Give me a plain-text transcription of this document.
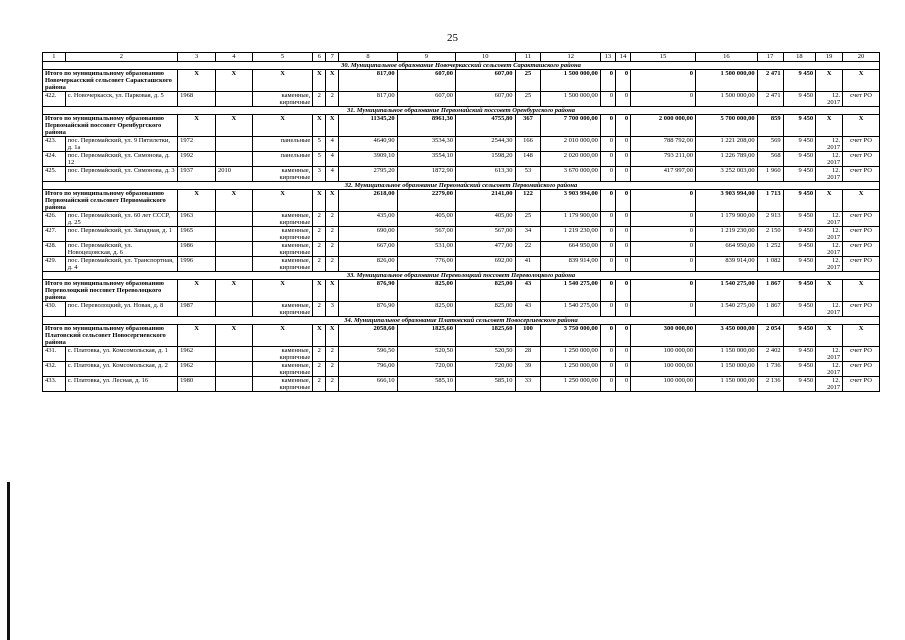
25
1	2	3	4	5	6	7	8	9	10	11	12	13	14	15	16	17	18	19	20
30. Муниципальное образование Новочеркасский сельсовет Саракташского района																			
Итого по муниципальному образованию Новочеркасский сельсовет Саракташского района		X	X	X	X	X	817,00	607,00	607,00	25	1 500 000,00	0	0	0	1 500 000,00	2 471	9 450	X	X
422.	с. Новочеркасск, ул. Парковая, д. 5	1968		каменные, кирпичные	2	2	817,00	607,00	607,00	25	1 500 000,00	0	0	0	1 500 000,00	2 471	9 450	12. 2017	счет РО
31. Муниципальное образование Первомайский поссовет Оренбургского района																			
Итого по муниципальному образованию Первомайский поссовет Оренбургского района		X	X	X	X	X	11345,20	8961,30	4755,80	367	7 700 000,00	0	0	2 000 000,00	5 700 000,00	859	9 450	X	X
423.	пос. Первомайский, ул. 9 Пятилетки, д. 1а	1972		панельные	5	4	4640,90	3534,30	2544,30	166	2 010 000,00	0	0	788 792,00	1 221 208,00	569	9 450	12. 2017	счет РО
424.	пос. Первомайский, ул. Симонова, д. 12	1992		панельные	5	4	3909,10	3554,10	1598,20	148	2 020 000,00	0	0	793 211,00	1 226 789,00	568	9 450	12. 2017	счет РО
425.	пос. Первомайский, ул. Симонова, д. 3	1937	2010	каменные, кирпичные	3	4	2795,20	1872,90	613,30	53	3 670 000,00	0	0	417 997,00	3 252 003,00	1 960	9 450	12. 2017	счет РО
32. Муниципальное образование Первомайский сельсовет Первомайского района																			
Итого по муниципальному образованию Первомайский сельсовет Первомайского района		X	X	X	X	X	2618,00	2279,00	2141,00	122	3 903 994,00	0	0	0	3 903 994,00	1 713	9 450	X	X
426.	пос. Первомайский, ул. 60 лет СССР, д. 25	1963		каменные, кирпичные	2	2	435,00	405,00	405,00	25	1 179 900,00	0	0	0	1 179 900,00	2 913	9 450	12. 2017	счет РО
427.	пос. Первомайский, ул. Западная, д. 1	1965		каменные, кирпичные	2	2	690,00	567,00	567,00	34	1 219 230,00	0	0	0	1 219 230,00	2 150	9 450	12. 2017	счет РО
428.	пос. Первомайский, ул. Новоцецовская, д. 6	1986		каменные, кирпичные	2	2	667,00	531,00	477,00	22	664 950,00	0	0	0	664 950,00	1 252	9 450	12. 2017	счет РО
429.	пос. Первомайский, ул. Транспортная, д. 4	1996		каменные, кирпичные	2	2	826,00	776,00	692,00	41	839 914,00	0	0	0	839 914,00	1 082	9 450	12. 2017	счет РО
33. Муниципальное образование Переволоцкий поссовет Переволоцкого района																			
Итого по муниципальному образованию Переволоцкий поссовет Переволоцкого района		X	X	X	X	X	876,90	825,00	825,00	43	1 540 275,00	0	0	0	1 540 275,00	1 867	9 450	X	X
430.	пос. Переволоцкий, ул. Новая, д. 8	1987		каменные, кирпичные	2	3	876,90	825,00	825,00	43	1 540 275,00	0	0	0	1 540 275,00	1 867	9 450	12. 2017	счет РО
34. Муниципальное образование Платовский сельсовет Новосергиевского района																			
Итого по муниципальному образованию Платовский сельсовет Новосергиевского района		X	X	X	X	X	2058,60	1825,60	1825,60	100	3 750 000,00	0	0	300 000,00	3 450 000,00	2 054	9 450	X	X
431.	с. Платовка, ул. Комсомольская, д. 1	1962		каменные, кирпичные	2	2	596,50	520,50	520,50	28	1 250 000,00	0	0	100 000,00	1 150 000,00	2 402	9 450	12. 2017	счет РО
432.	с. Платовка, ул. Комсомольская, д. 2	1962		каменные, кирпичные	2	2	796,00	720,00	720,00	39	1 250 000,00	0	0	100 000,00	1 150 000,00	1 736	9 450	12. 2017	счет РО
433.	с. Платовка, ул. Лесная, д. 16	1980		каменные, кирпичные	2	2	666,10	585,10	585,10	33	1 250 000,00	0	0	100 000,00	1 150 000,00	2 136	9 450	12. 2017	счет РО
